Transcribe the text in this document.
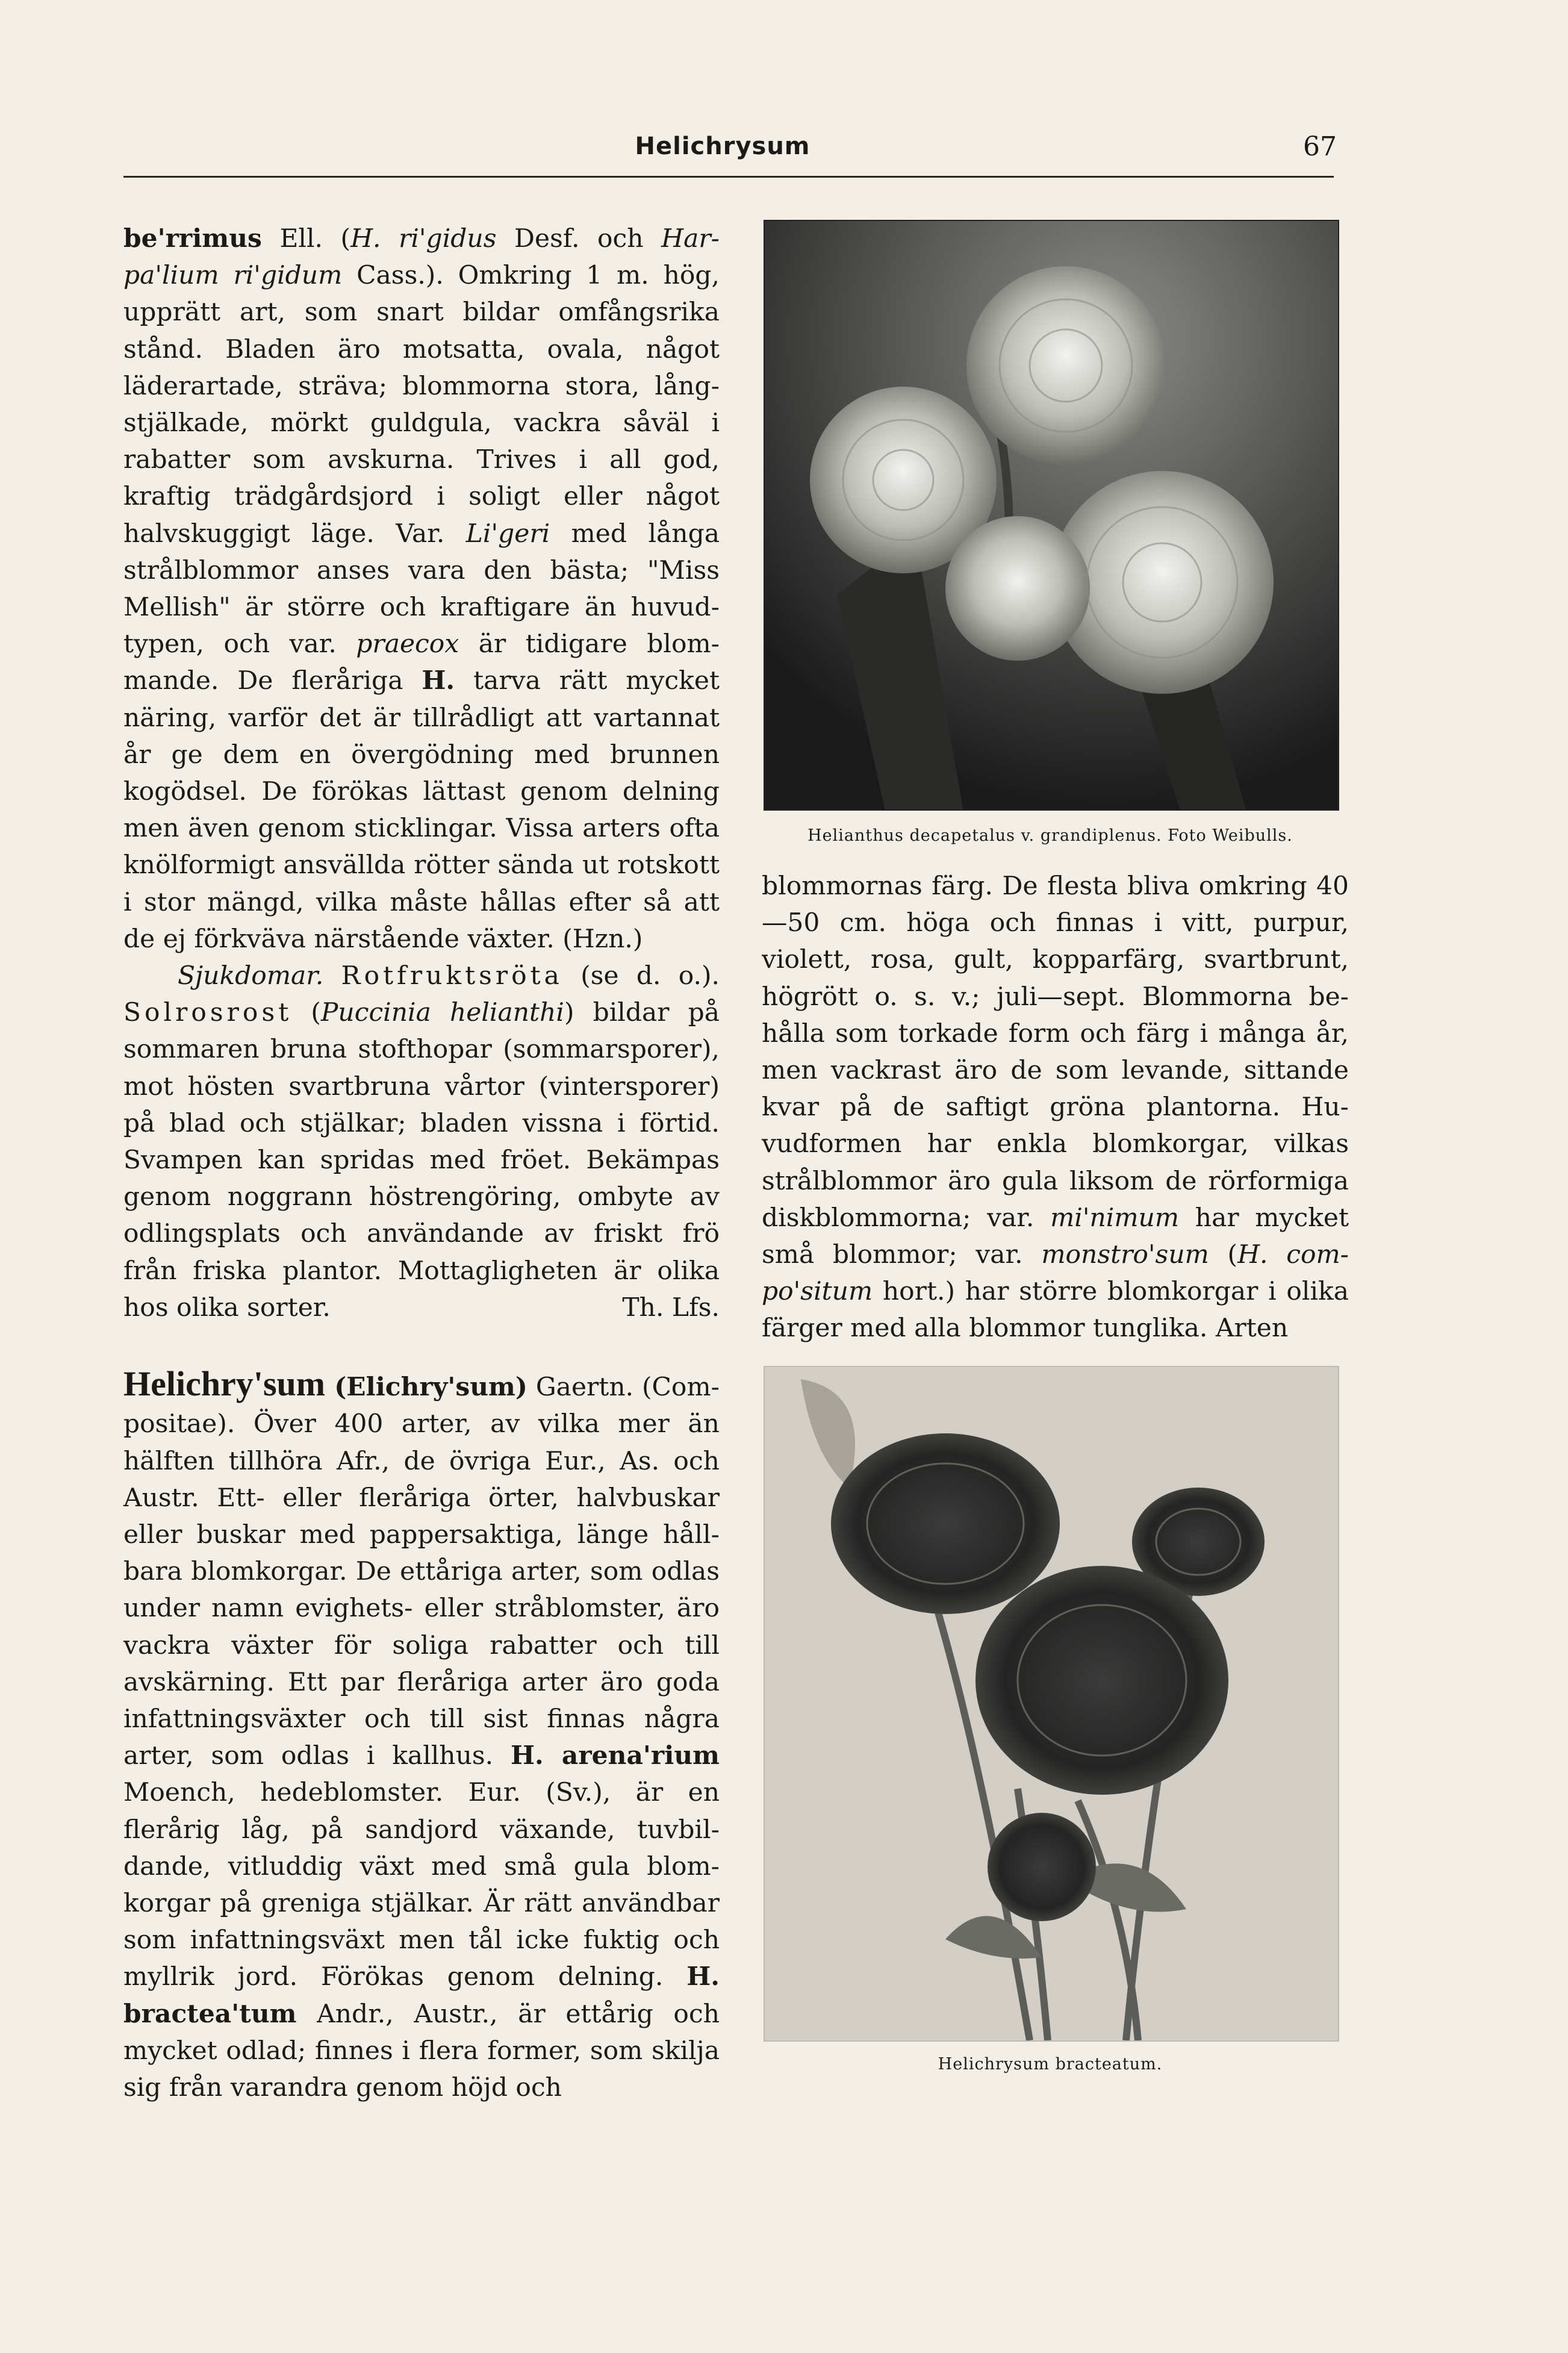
Helichrysum	67

be'rrimus Ell. (H. ri'gidus Desf. och Harpa'lium ri'gidum Cass.). Omkring 1 m. hög, upprätt art, som snart bildar omfångsrika stånd. Bladen äro motsatta, ovala, något läderartade, sträva; blommorna stora, långstjälkade, mörkt guldgula, vackra såväl i rabatter som avskurna. Trives i all god, kraftig trädgårdsjord i soligt eller något halvskuggigt läge. Var. Li'geri med långa strålblommor anses vara den bästa; "Miss Mellish" är större och kraftigare än huvudtypen, och var. praecox är tidigare blommande. De fleråriga H. tarva rätt mycket näring, varför det är tillrådligt att vartannat år ge dem en övergödning med brunnen kogödsel. De förökas lättast genom delning men även genom sticklingar. Vissa arters ofta knölformigt ansvällda rötter sända ut rotskott i stor mängd, vilka måste hållas efter så att de ej förkväva närstående växter. (Hzn.)

Sjukdomar. Rotfruktsröta (se d. o.). Solrosrost (Puccinia helianthi) bildar på sommaren bruna stofthopar (sommarsporer), mot hösten svartbruna vårtor (vintersporer) på blad och stjälkar; bladen vissna i förtid. Svampen kan spridas med fröet. Bekämpas genom noggrann höstrengöring, ombyte av odlingsplats och användande av friskt frö från friska plantor. Mottagligheten är olika hos olika sorter.	Th. Lfs.

Helichry'sum (Elichry'sum) Gaertn. (Compositae). Över 400 arter, av vilka mer än hälften tillhöra Afr., de övriga Eur., As. och Austr. Ett- eller fleråriga örter, halvbuskar eller buskar med pappersaktiga, länge hållbara blomkorgar. De ettåriga arter, som odlas under namn evighets- eller stråblomster, äro vackra växter för soliga rabatter och till avskärning. Ett par fleråriga arter äro goda infattningsväxter och till sist finnas några arter, som odlas i kallhus. H. arena'rium Moench, hedeblomster. Eur. (Sv.), är en flerårig låg, på sandjord växande, tuvbildande, vitluddig växt med små gula blomkorgar på greniga stjälkar. Är rätt användbar som infattningsväxt men tål icke fuktig och myllrik jord. Förökas genom delning. H. bractea'tum Andr., Austr., är ettårig och mycket odlad; finnes i flera former, som skilja sig från varandra genom höjd och

Helianthus decapetalus v. grandiplenus. Foto Weibulls.

blommornas färg. De flesta bliva omkring 40—50 cm. höga och finnas i vitt, purpur, violett, rosa, gult, kopparfärg, svartbrunt, högrött o. s. v.; juli—sept. Blommorna behålla som torkade form och färg i många år, men vackrast äro de som levande, sittande kvar på de saftigt gröna plantorna. Huvudformen har enkla blomkorgar, vilkas strålblommor äro gula liksom de rörformiga diskblommorna; var. mi'nimum har mycket små blommor; var. monstro'sum (H. compo'situm hort.) har större blomkorgar i olika färger med alla blommor tunglika. Arten

Helichrysum bracteatum.
